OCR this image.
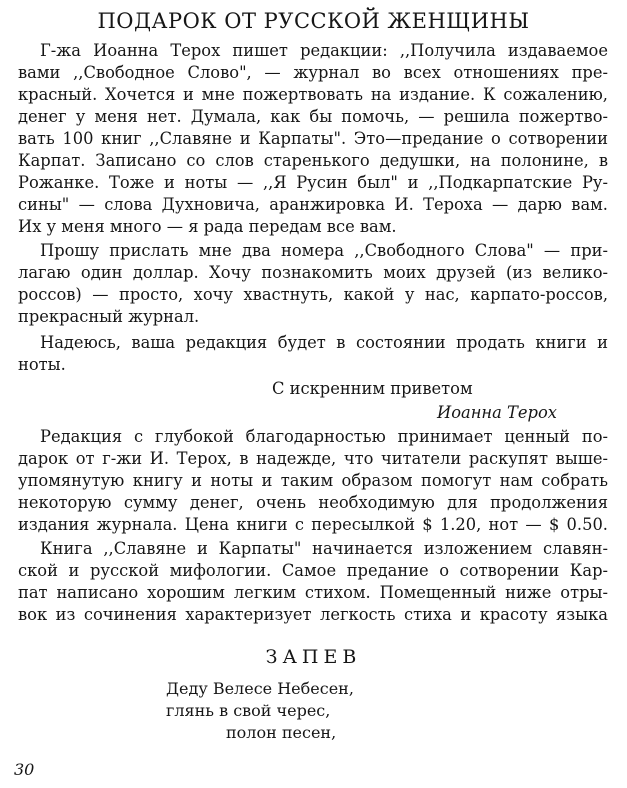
ПОДАРОК ОТ РУССКОЙ ЖЕНЩИНЫ
Г-жа Иоанна Терох пишет редакции: ,,Получила издаваемое
вами ,,Свободное Слово", — журнал во всех отношениях пре-
красный. Хочется и мне пожертвовать на издание. К сожалению,
денег у меня нет. Думала, как бы помочь, — решила пожертво-
вать 100 книг ,,Славяне и Карпаты". Это—предание о сотворении
Карпат. Записано со слов старенького дедушки, на полонине, в
Рожанке. Тоже и ноты — ,,Я Русин был" и ,,Подкарпатские Ру-
сины" — слова Духновича, аранжировка И. Тероха — дарю вам.
Их у меня много — я рада передам все вам.
Прошу прислать мне два номера ,,Свободного Слова" — при-
лагаю один доллар. Хочу познакомить моих друзей (из велико-
россов) — просто, хочу хвастнуть, какой у нас, карпато-россов,
прекрасный журнал.
Надеюсь, ваша редакция будет в состоянии продать книги и
ноты.
С искренним приветом
Иоанна Терох
Редакция с глубокой благодарностью принимает ценный по-
дарок от г-жи И. Терох, в надежде, что читатели раскупят выше-
упомянутую книгу и ноты и таким образом помогут нам собрать
некоторую сумму денег, очень необходимую для продолжения
издания журнала. Цена книги с пересылкой $ 1.20, нот — $ 0.50.
Книга ,,Славяне и Карпаты" начинается изложением славян-
ской и русской мифологии. Самое предание о сотворении Кар-
пат написано хорошим легким стихом. Помещенный ниже отры-
вок из сочинения характеризует легкость стиха и красоту языка
ЗАПЕВ
Деду Велесе Небесен,
глянь в свой черес,
полон песен,
30
